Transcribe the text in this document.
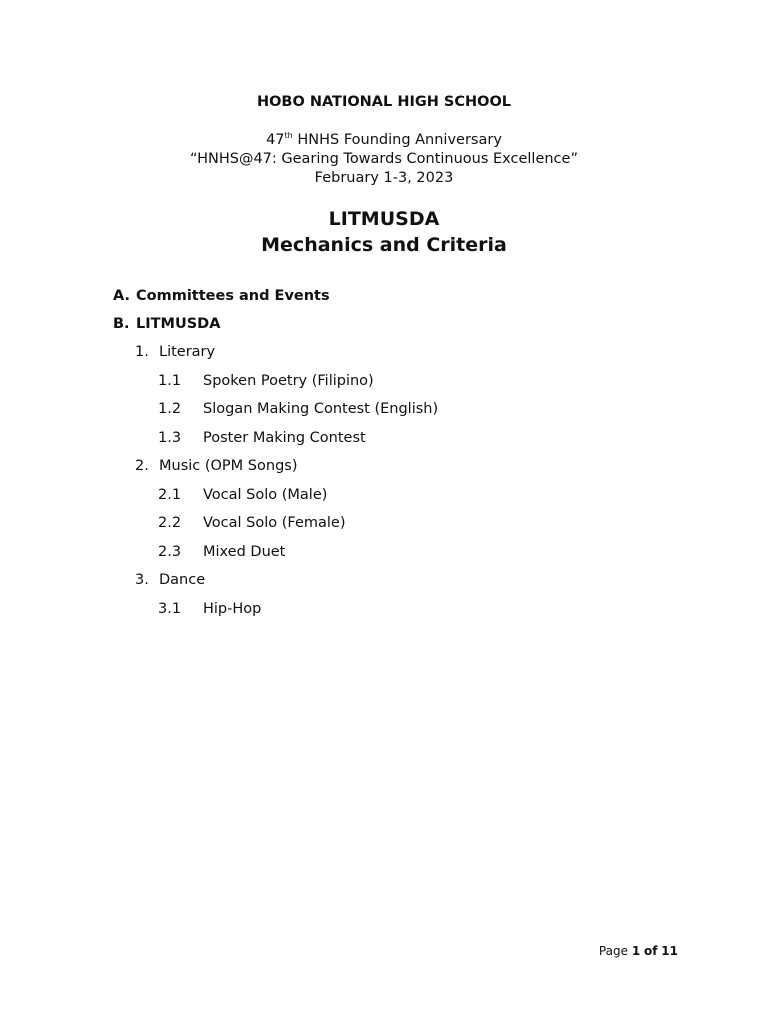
HOBO NATIONAL HIGH SCHOOL
47th HNHS Founding Anniversary
“HNHS@47: Gearing Towards Continuous Excellence”
February 1-3, 2023
LITMUSDA
Mechanics and Criteria
A. Committees and Events
B. LITMUSDA
1. Literary
1.1 Spoken Poetry (Filipino)
1.2 Slogan Making Contest (English)
1.3 Poster Making Contest
2. Music (OPM Songs)
2.1 Vocal Solo (Male)
2.2 Vocal Solo (Female)
2.3 Mixed Duet
3. Dance
3.1 Hip-Hop
Page 1 of 11
